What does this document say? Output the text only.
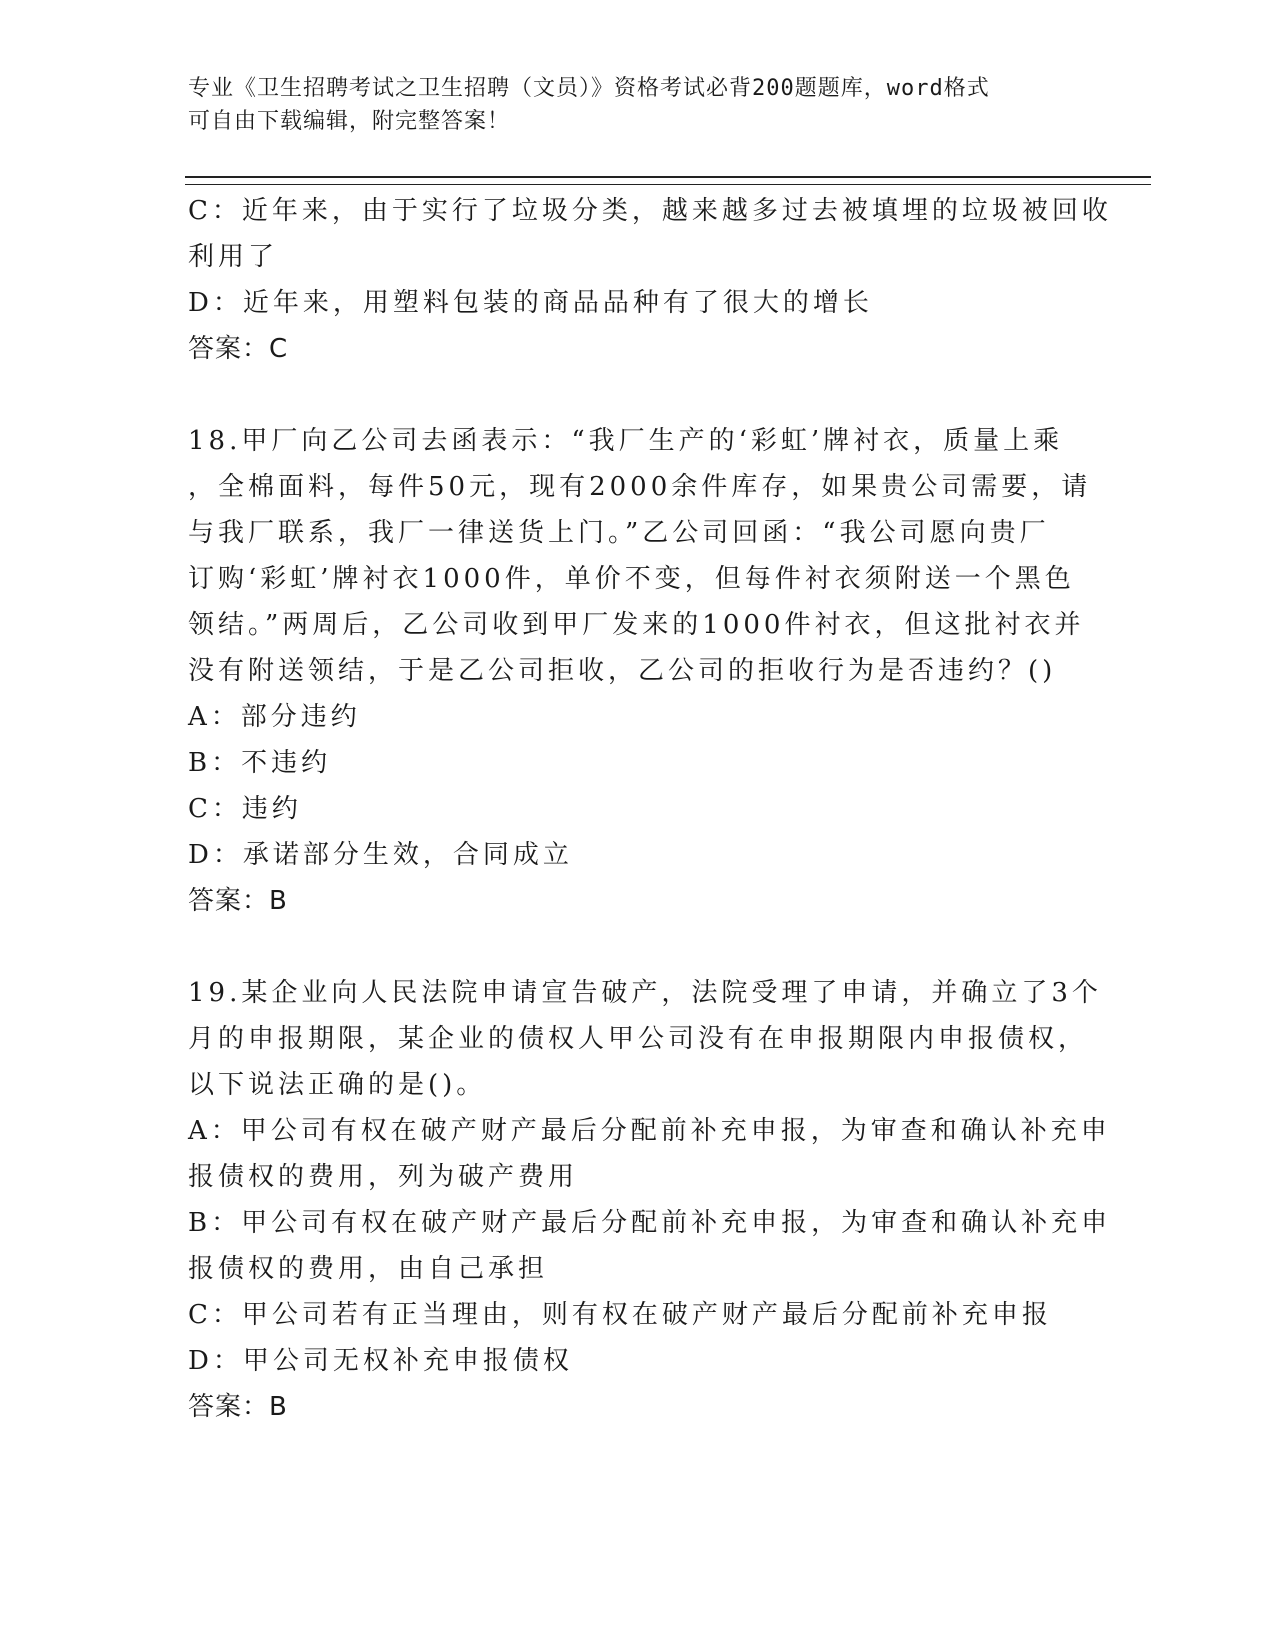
专业《卫生招聘考试之卫生招聘（文员）》资格考试必背200题题库，word格式
可自由下载编辑，附完整答案！

C：近年来，由于实行了垃圾分类，越来越多过去被填埋的垃圾被回收

利用了

D：近年来，用塑料包装的商品品种有了很大的增长

答案：C

18.甲厂向乙公司去函表示：“我厂生产的‘彩虹’牌衬衣，质量上乘

，全棉面料，每件50元，现有2000余件库存，如果贵公司需要，请

与我厂联系，我厂一律送货上门。”乙公司回函：“我公司愿向贵厂

订购‘彩虹’牌衬衣1000件，单价不变，但每件衬衣须附送一个黑色

领结。”两周后，乙公司收到甲厂发来的1000件衬衣，但这批衬衣并

没有附送领结，于是乙公司拒收，乙公司的拒收行为是否违约？()

A：部分违约

B：不违约

C：违约

D：承诺部分生效，合同成立

答案：B

19.某企业向人民法院申请宣告破产，法院受理了申请，并确立了3个

月的申报期限，某企业的债权人甲公司没有在申报期限内申报债权，

以下说法正确的是()。

A：甲公司有权在破产财产最后分配前补充申报，为审查和确认补充申

报债权的费用，列为破产费用

B：甲公司有权在破产财产最后分配前补充申报，为审查和确认补充申

报债权的费用，由自己承担

C：甲公司若有正当理由，则有权在破产财产最后分配前补充申报

D：甲公司无权补充申报债权

答案：B
